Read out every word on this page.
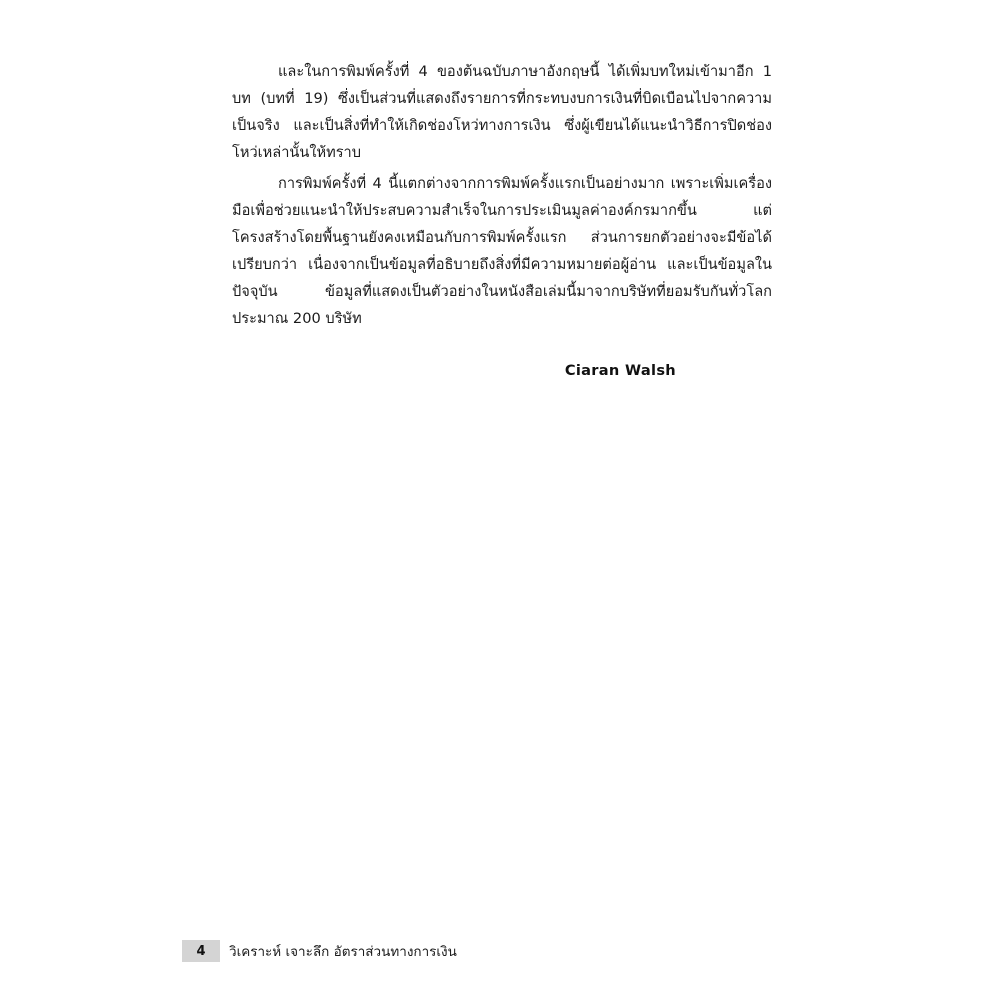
และในการพิมพ์ครั้งที่ 4 ของต้นฉบับภาษาอังกฤษนี้ ได้เพิ่มบทใหม่เข้ามาอีก 1 บท (บทที่ 19) ซึ่งเป็นส่วนที่แสดงถึงรายการที่กระทบงบการเงินที่บิดเบือนไปจากความเป็นจริง และเป็นสิ่งที่ทำให้เกิดช่องโหว่ทางการเงิน ซึ่งผู้เขียนได้แนะนำวิธีการปิดช่องโหว่เหล่านั้นให้ทราบ

การพิมพ์ครั้งที่ 4 นี้แตกต่างจากการพิมพ์ครั้งแรกเป็นอย่างมาก เพราะเพิ่มเครื่องมือเพื่อช่วยแนะนำให้ประสบความสำเร็จในการประเมินมูลค่าองค์กรมากขึ้น แต่โครงสร้างโดยพื้นฐานยังคงเหมือนกับการพิมพ์ครั้งแรก ส่วนการยกตัวอย่างจะมีข้อได้เปรียบกว่า เนื่องจากเป็นข้อมูลที่อธิบายถึงสิ่งที่มีความหมายต่อผู้อ่าน และเป็นข้อมูลในปัจจุบัน ข้อมูลที่แสดงเป็นตัวอย่างในหนังสือเล่มนี้มาจากบริษัทที่ยอมรับกันทั่วโลกประมาณ 200 บริษัท

Ciaran Walsh
4	วิเคราะห์ เจาะลึก อัตราส่วนทางการเงิน
